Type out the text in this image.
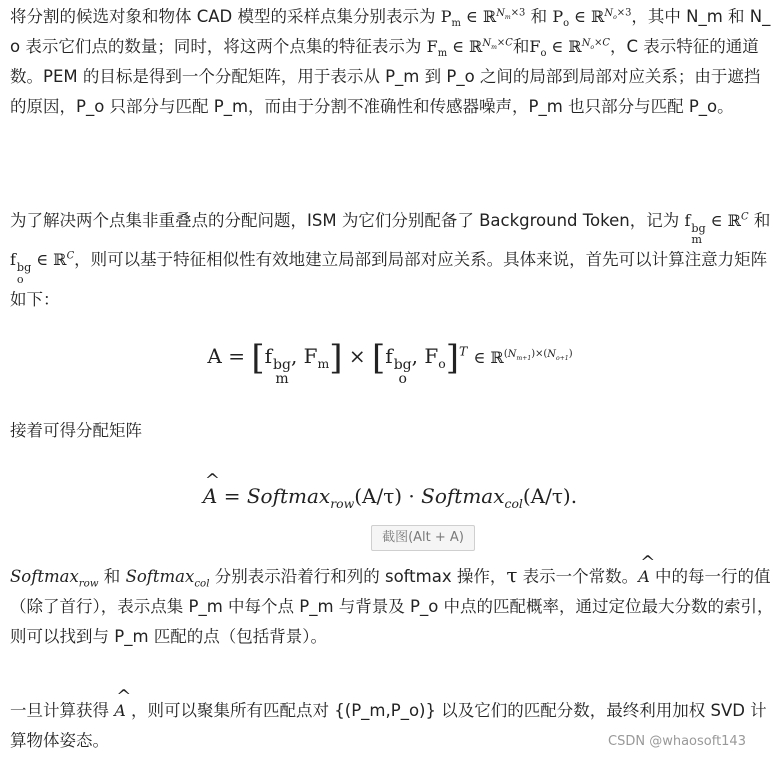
将分割的候选对象和物体 CAD 模型的采样点集分别表示为 $P_m$ ∈ ℝ$^{N_m\times 3}$ 和 $P_o$ ∈ ℝ$^{N_o\times 3}$，其中 N_m 和 N_o 表示它们点的数量；同时，将这两个点集的特征表示为 $F_m$ ∈ ℝ$^{N_m\times C}$和$F_o$ ∈ ℝ$^{N_o\times C}$，C 表示特征的通道数。PEM 的目标是得到一个分配矩阵，用于表示从 P_m 到 P_o 之间的局部到局部对应关系；由于遮挡的原因，P_o 只部分与匹配 P_m，而由于分割不准确性和传感器噪声，P_m 也只部分与匹配 P_o。

为了解决两个点集非重叠点的分配问题，ISM 为它们分别配备了 Background Token，记为 f bg
m
∈ ℝ$^C$ 和 f bg
o
∈ ℝ$^C$，则可以基于特征相似性有效地建立局部到局部对应关系。具体来说，首先可以计算注意力矩阵如下：

A = [f bg
m
, $F_m] \times [f$ bg
o
, $F_o]^T$ ∈ ℝ$^{(N_{m+1})\times(N_{o+1})}$

接着可得分配矩阵

^ A = Softmax$_{row}$(A/τ) · Softmax$_{col}$(A/τ).
截图(Alt + A)

Softmax$_{row}$ 和 Softmax$_{col}$ 分别表示沿着行和列的 softmax 操作，τ 表示一个常数。^ A 中的每一行的值（除了首行），表示点集 P_m 中每个点 P_m 与背景及 P_o 中点的匹配概率，通过定位最大分数的索引，则可以找到与 P_m 匹配的点（包括背景）。

一旦计算获得 ^ A ，则可以聚集所有匹配点对 {(P_m,P_o)} 以及它们的匹配分数，最终利用加权 SVD 计算物体姿态。	CSDN @whaosoft143
